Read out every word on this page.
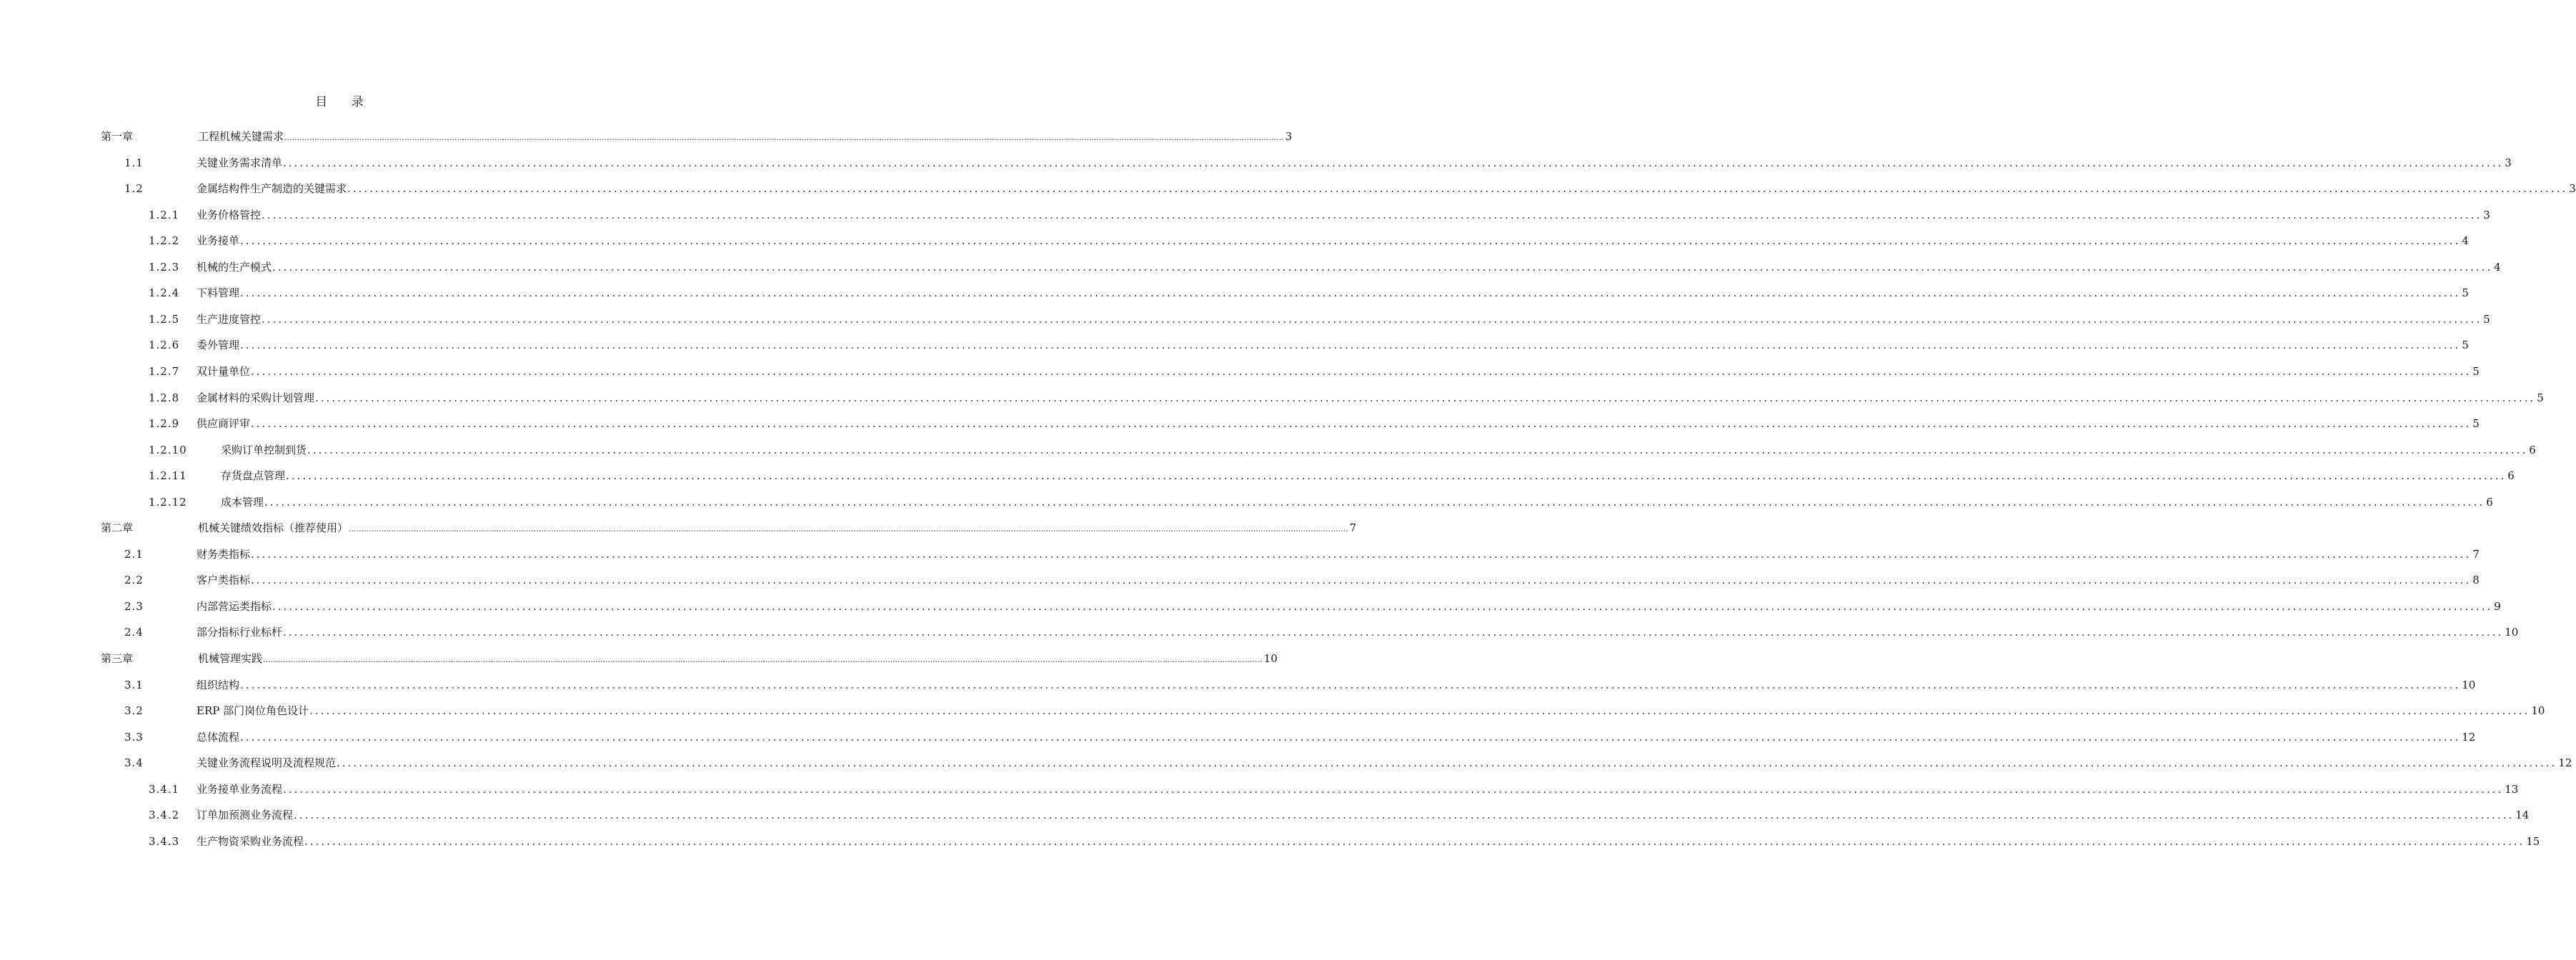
目 录
第一章	工程机械关键需求 ................................................................................................................................................................................................................................................................................................................................................................................................................ 3
1.1	关键业务需求清单 ................................................................................................................................................................................................................................................................................................................................................................................................................ 3
1.2	金属结构件生产制造的关键需求 ................................................................................................................................................................................................................................................................................................................................................................................................................ 3
1.2.1 业务价格管控 ................................................................................................................................................................................................................................................................................................................................................................................................................ 3
1.2.2 业务接单 ................................................................................................................................................................................................................................................................................................................................................................................................................ 4
1.2.3 机械的生产模式 ................................................................................................................................................................................................................................................................................................................................................................................................................ 4
1.2.4 下料管理 ................................................................................................................................................................................................................................................................................................................................................................................................................ 5
1.2.5 生产进度管控 ................................................................................................................................................................................................................................................................................................................................................................................................................ 5
1.2.6 委外管理 ................................................................................................................................................................................................................................................................................................................................................................................................................ 5
1.2.7 双计量单位 ................................................................................................................................................................................................................................................................................................................................................................................................................ 5
1.2.8 金属材料的采购计划管理 ................................................................................................................................................................................................................................................................................................................................................................................................................ 5
1.2.9 供应商评审 ................................................................................................................................................................................................................................................................................................................................................................................................................ 5
1.2.10	采购订单控制到货 ................................................................................................................................................................................................................................................................................................................................................................................................................ 6
1.2.11	存货盘点管理 ................................................................................................................................................................................................................................................................................................................................................................................................................ 6
1.2.12	成本管理 ................................................................................................................................................................................................................................................................................................................................................................................................................ 6
第二章	机械关键绩效指标（推荐使用） ................................................................................................................................................................................................................................................................................................................................................................................................................ 7
2.1	财务类指标 ................................................................................................................................................................................................................................................................................................................................................................................................................ 7
2.2	客户类指标 ................................................................................................................................................................................................................................................................................................................................................................................................................ 8
2.3	内部营运类指标 ................................................................................................................................................................................................................................................................................................................................................................................................................ 9
2.4	部分指标行业标杆 ................................................................................................................................................................................................................................................................................................................................................................................................................ 10
第三章	机械管理实践 ................................................................................................................................................................................................................................................................................................................................................................................................................ 10
3.1	组织结构 ................................................................................................................................................................................................................................................................................................................................................................................................................ 10
3.2	ERP 部门岗位角色设计 ................................................................................................................................................................................................................................................................................................................................................................................................................ 10
3.3	总体流程 ................................................................................................................................................................................................................................................................................................................................................................................................................ 12
3.4	关键业务流程说明及流程规范 ................................................................................................................................................................................................................................................................................................................................................................................................................ 12
3.4.1 业务接单业务流程 ................................................................................................................................................................................................................................................................................................................................................................................................................ 13
3.4.2 订单加预测业务流程 ................................................................................................................................................................................................................................................................................................................................................................................................................ 14
3.4.3 生产物资采购业务流程 ................................................................................................................................................................................................................................................................................................................................................................................................................ 15
